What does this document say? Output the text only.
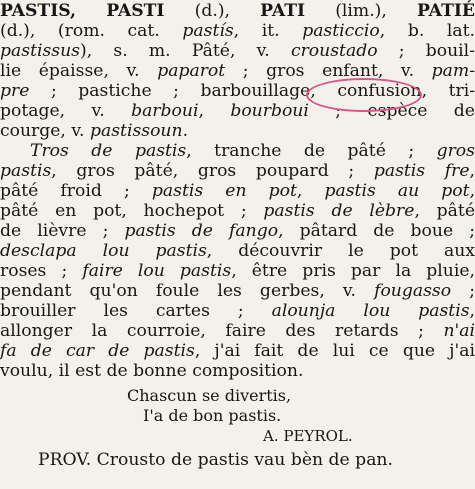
PASTIS, PASTI (d.), PATI (lim.), PATIÉ
(d.), (rom. cat. pastís, it. pasticcio, b. lat.
pastissus), s. m. Pâté, v. croustado ; bouil-
lie épaisse, v. paparot ; gros enfant, v. pam-
pre ; pastiche ; barbouillage, confusion, tri-
potage, v. barboui, bourboui ; espèce de
courge, v. pastissoun.
Tros de pastis, tranche de pâté ; gros
pastis, gros pâté, gros poupard ; pastis fre,
pâté froid ; pastis en pot, pastis au pot,
pâté en pot, hochepot ; pastis de lèbre, pâté
de lièvre ; pastis de fango, pâtard de boue ;
desclapa lou pastis, découvrir le pot aux
roses ; faire lou pastis, être pris par la pluie,
pendant qu'on foule les gerbes, v. fougasso ;
brouiller les cartes ; alounja lou pastis,
allonger la courroie, faire des retards ; n'ai
fa de car de pastis, j'ai fait de lui ce que j'ai
voulu, il est de bonne composition.
Chascun se divertis,
I'a de bon pastis.
A. PEYROL.
PROV. Crousto de pastis vau bèn de pan.
